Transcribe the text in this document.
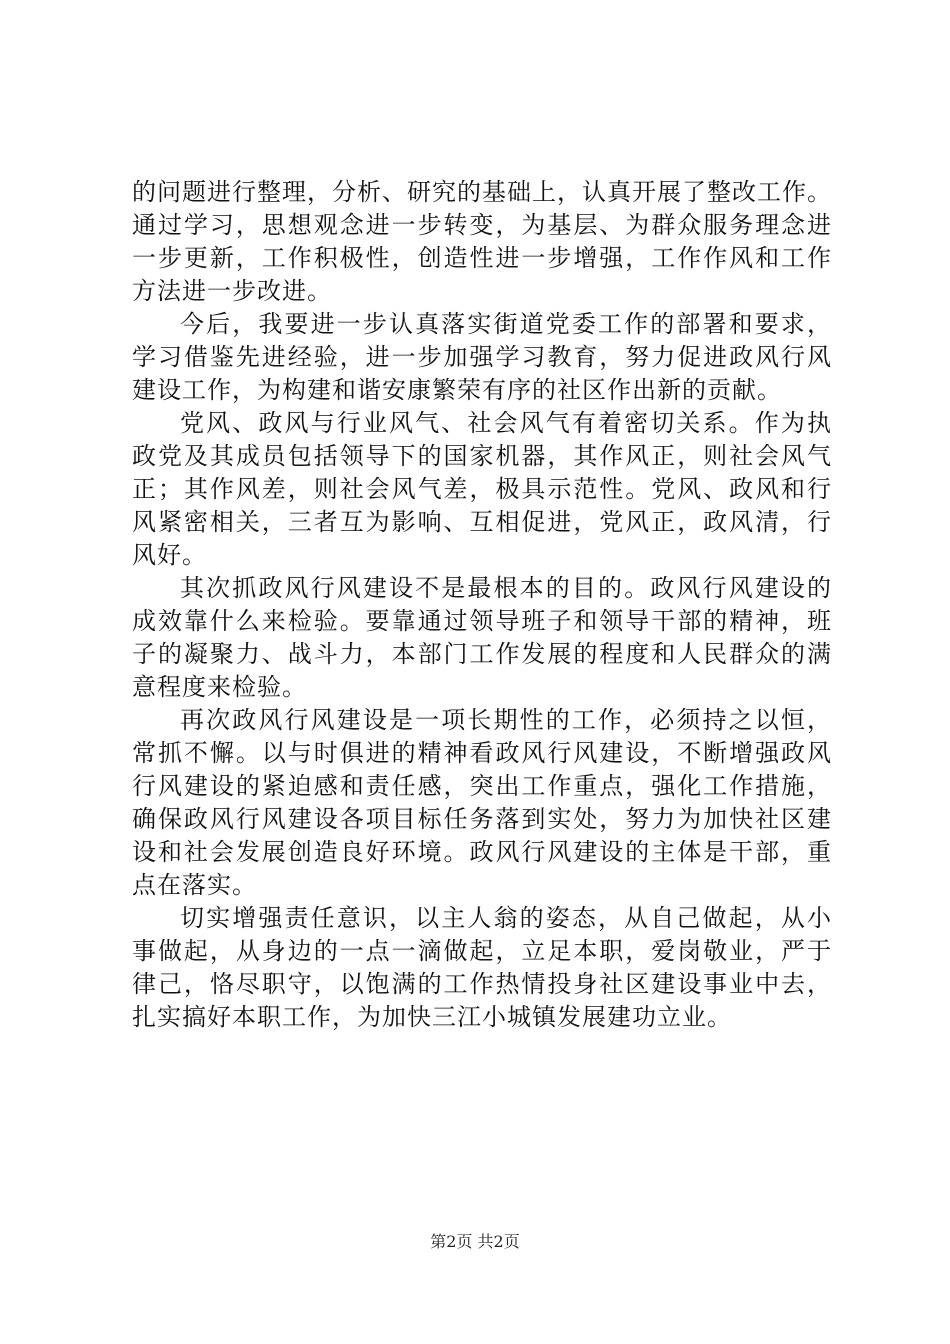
的问题进行整理，分析、研究的基础上，认真开展了整改工作。
通过学习，思想观念进一步转变，为基层、为群众服务理念进
一步更新，工作积极性，创造性进一步增强，工作作风和工作
方法进一步改进。
今后，我要进一步认真落实街道党委工作的部署和要求，
学习借鉴先进经验，进一步加强学习教育，努力促进政风行风
建设工作，为构建和谐安康繁荣有序的社区作出新的贡献。
党风、政风与行业风气、社会风气有着密切关系。作为执
政党及其成员包括领导下的国家机器，其作风正，则社会风气
正；其作风差，则社会风气差，极具示范性。党风、政风和行
风紧密相关，三者互为影响、互相促进，党风正，政风清，行
风好。
其次抓政风行风建设不是最根本的目的。政风行风建设的
成效靠什么来检验。要靠通过领导班子和领导干部的精神，班
子的凝聚力、战斗力，本部门工作发展的程度和人民群众的满
意程度来检验。
再次政风行风建设是一项长期性的工作，必须持之以恒，
常抓不懈。以与时俱进的精神看政风行风建设，不断增强政风
行风建设的紧迫感和责任感，突出工作重点，强化工作措施，
确保政风行风建设各项目标任务落到实处，努力为加快社区建
设和社会发展创造良好环境。政风行风建设的主体是干部，重
点在落实。
切实增强责任意识，以主人翁的姿态，从自己做起，从小
事做起，从身边的一点一滴做起，立足本职，爱岗敬业，严于
律己，恪尽职守，以饱满的工作热情投身社区建设事业中去，
扎实搞好本职工作，为加快三江小城镇发展建功立业。
第2页 共2页
